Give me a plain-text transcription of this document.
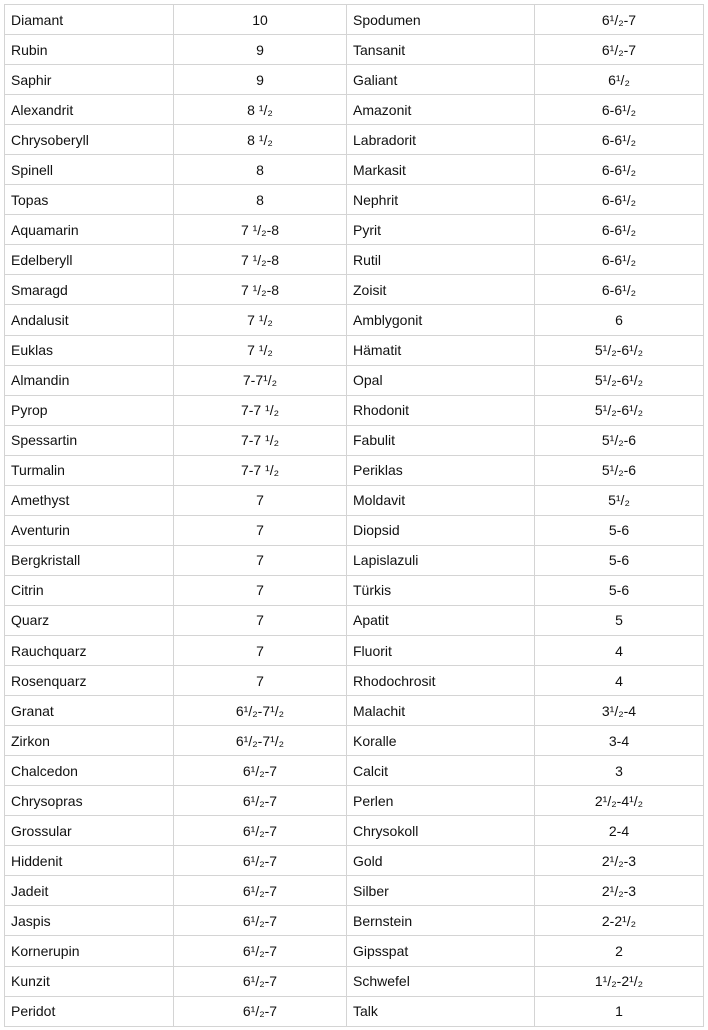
Diamant	10	Spodumen	6¹/₂-7
Rubin	9	Tansanit	6¹/₂-7
Saphir	9	Galiant	6¹/₂
Alexandrit	8 ¹/₂	Amazonit	6-6¹/₂
Chrysoberyll	8 ¹/₂	Labradorit	6-6¹/₂
Spinell	8	Markasit	6-6¹/₂
Topas	8	Nephrit	6-6¹/₂
Aquamarin	7 ¹/₂-8	Pyrit	6-6¹/₂
Edelberyll	7 ¹/₂-8	Rutil	6-6¹/₂
Smaragd	7 ¹/₂-8	Zoisit	6-6¹/₂
Andalusit	7 ¹/₂	Amblygonit	6
Euklas	7 ¹/₂	Hämatit	5¹/₂-6¹/₂
Almandin	7-7¹/₂	Opal	5¹/₂-6¹/₂
Pyrop	7-7 ¹/₂	Rhodonit	5¹/₂-6¹/₂
Spessartin	7-7 ¹/₂	Fabulit	5¹/₂-6
Turmalin	7-7 ¹/₂	Periklas	5¹/₂-6
Amethyst	7	Moldavit	5¹/₂
Aventurin	7	Diopsid	5-6
Bergkristall	7	Lapislazuli	5-6
Citrin	7	Türkis	5-6
Quarz	7	Apatit	5
Rauchquarz	7	Fluorit	4
Rosenquarz	7	Rhodochrosit	4
Granat	6¹/₂-7¹/₂	Malachit	3¹/₂-4
Zirkon	6¹/₂-7¹/₂	Koralle	3-4
Chalcedon	6¹/₂-7	Calcit	3
Chrysopras	6¹/₂-7	Perlen	2¹/₂-4¹/₂
Grossular	6¹/₂-7	Chrysokoll	2-4
Hiddenit	6¹/₂-7	Gold	2¹/₂-3
Jadeit	6¹/₂-7	Silber	2¹/₂-3
Jaspis	6¹/₂-7	Bernstein	2-2¹/₂
Kornerupin	6¹/₂-7	Gipsspat	2
Kunzit	6¹/₂-7	Schwefel	1¹/₂-2¹/₂
Peridot	6¹/₂-7	Talk	1
